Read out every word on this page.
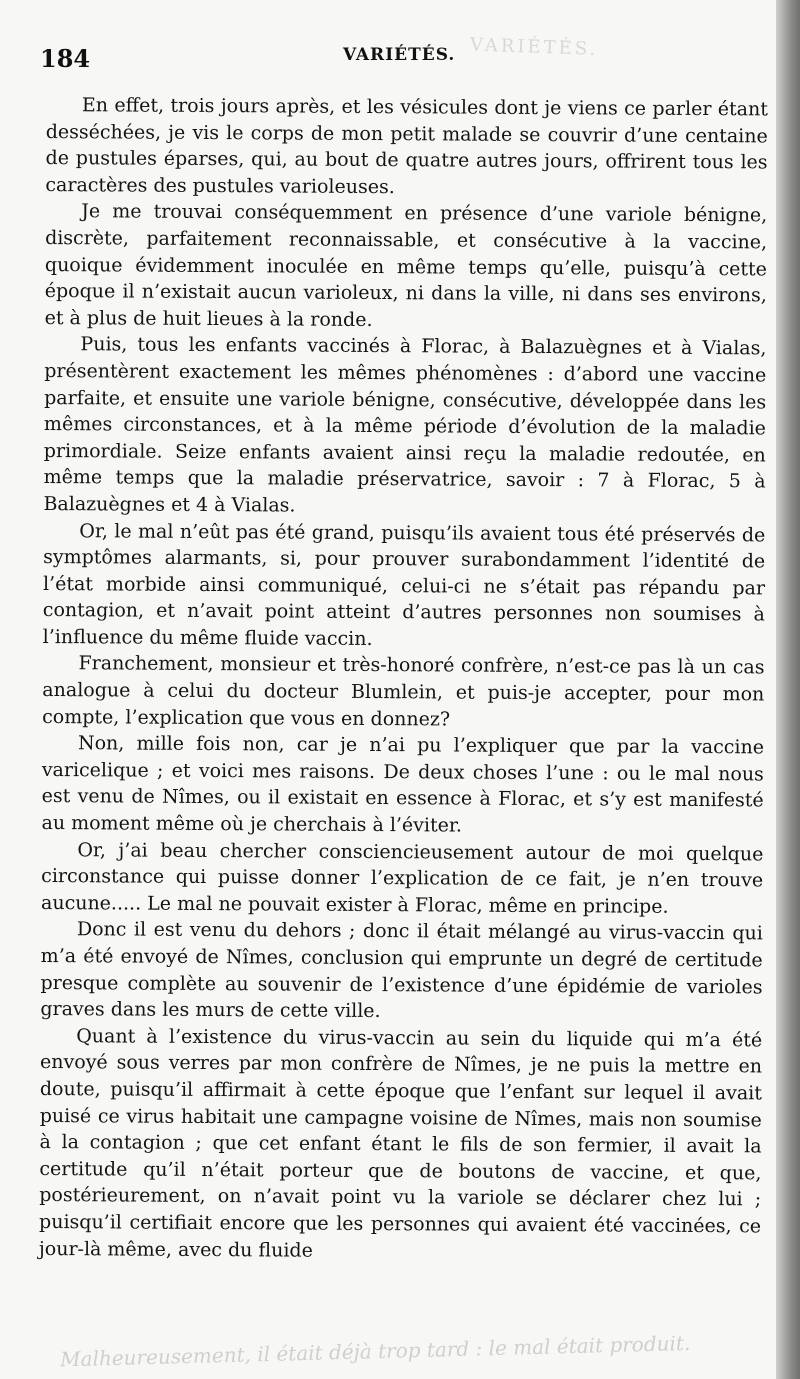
VARIÉTÉS.
184	VARIÉTÉS.

En effet, trois jours après, et les vésicules dont je viens ce parler étant desséchées, je vis le corps de mon petit malade se couvrir d’une centaine de pustules éparses, qui, au bout de quatre autres jours, offrirent tous les caractères des pustules varioleuses.

Je me trouvai conséquemment en présence d’une variole bénigne, discrète, parfaitement reconnaissable, et consécutive à la vaccine, quoique évidemment inoculée en même temps qu’elle, puisqu’à cette époque il n’existait aucun varioleux, ni dans la ville, ni dans ses environs, et à plus de huit lieues à la ronde.

Puis, tous les enfants vaccinés à Florac, à Balazuègnes et à Vialas, présentèrent exactement les mêmes phénomènes : d’abord une vaccine parfaite, et ensuite une variole bénigne, consécutive, développée dans les mêmes circonstances, et à la même période d’évolution de la maladie primordiale. Seize enfants avaient ainsi reçu la maladie redoutée, en même temps que la maladie préservatrice, savoir : 7 à Florac, 5 à Balazuègnes et 4 à Vialas.

Or, le mal n’eût pas été grand, puisqu’ils avaient tous été préservés de symptômes alarmants, si, pour prouver surabondamment l’identité de l’état morbide ainsi communiqué, celui-ci ne s’était pas répandu par contagion, et n’avait point atteint d’autres personnes non soumises à l’influence du même fluide vaccin.

Franchement, monsieur et très-honoré confrère, n’est-ce pas là un cas analogue à celui du docteur Blumlein, et puis-je accepter, pour mon compte, l’explication que vous en donnez?

Non, mille fois non, car je n’ai pu l’expliquer que par la vaccine varicelique ; et voici mes raisons. De deux choses l’une : ou le mal nous est venu de Nîmes, ou il existait en essence à Florac, et s’y est manifesté au moment même où je cherchais à l’éviter.

Or, j’ai beau chercher consciencieusement autour de moi quelque circonstance qui puisse donner l’explication de ce fait, je n’en trouve aucune..... Le mal ne pouvait exister à Florac, même en principe.

Donc il est venu du dehors ; donc il était mélangé au virus-vaccin qui m’a été envoyé de Nîmes, conclusion qui emprunte un degré de certitude presque complète au souvenir de l’existence d’une épidémie de varioles graves dans les murs de cette ville.

Quant à l’existence du virus-vaccin au sein du liquide qui m’a été envoyé sous verres par mon confrère de Nîmes, je ne puis la mettre en doute, puisqu’il affirmait à cette époque que l’enfant sur lequel il avait puisé ce virus habitait une campagne voisine de Nîmes, mais non soumise à la contagion ; que cet enfant étant le fils de son fermier, il avait la certitude qu’il n’était porteur que de boutons de vaccine, et que, postérieurement, on n’avait point vu la variole se déclarer chez lui ; puisqu’il certifiait encore que les personnes qui avaient été vaccinées, ce jour-là même, avec du fluide

Malheureusement, il était déjà trop tard : le mal était produit.
